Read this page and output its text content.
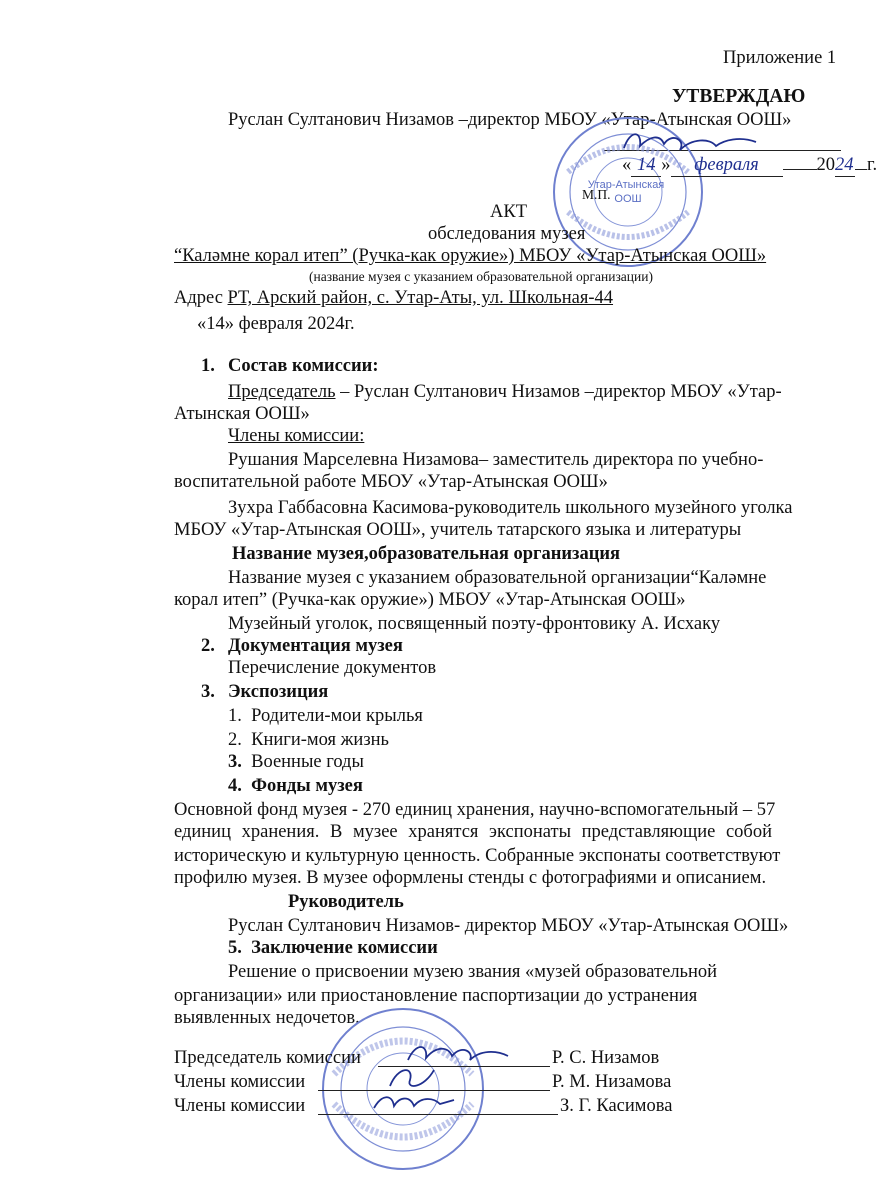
Приложение 1
УТВЕРЖДАЮ
Руслан Султанович Низамов –директор МБОУ «Утар-Атынская ООШ»
Утар-Атынская
ООШ
« 14 » февраля	2024 г.
М.П.
АКТ
обследования музея
“Каләмне корал итеп” (Ручка-как оружие») МБОУ «Утар-Атынская ООШ»
(название музея с указанием образовательной организации)
Адрес РТ, Арский район, с. Утар-Аты, ул. Школьная-44
«14» февраля 2024г.
1. Состав комиссии:
Председатель – Руслан Султанович Низамов –директор МБОУ «Утар-
Атынская ООШ»
Члены комиссии:
Рушания Марселевна Низамова– заместитель директора по учебно-
воспитательной работе МБОУ «Утар-Атынская ООШ»
Зухра Габбасовна Касимова-руководитель школьного музейного уголка
МБОУ «Утар-Атынская ООШ», учитель татарского языка и литературы
Название музея,образовательная организация
Название музея с указанием образовательной организации“Каләмне
корал итеп” (Ручка-как оружие») МБОУ «Утар-Атынская ООШ»
Музейный уголок, посвященный поэту-фронтовику А. Исхаку
2. Документация музея
Перечисление документов
3. Экспозиция
1. Родители-мои крылья
2. Книги-моя жизнь
3. Военные годы
4. Фонды музея
Основной фонд музея - 270 единиц хранения, научно-вспомогательный – 57
единиц хранения. В музее хранятся экспонаты представляющие собой
историческую и культурную ценность. Собранные экспонаты соответствуют
профилю музея. В музее оформлены стенды с фотографиями и описанием.
Руководитель
Руслан Султанович Низамов- директор МБОУ «Утар-Атынская ООШ»
5. Заключение комиссии
Решение о присвоении музею звания «музей образовательной
организации» или приостановление паспортизации до устранения
выявленных недочетов.
Председатель комиссии	Р. С. Низамов
Члены комиссии	Р. М. Низамова
Члены комиссии	З. Г. Касимова
